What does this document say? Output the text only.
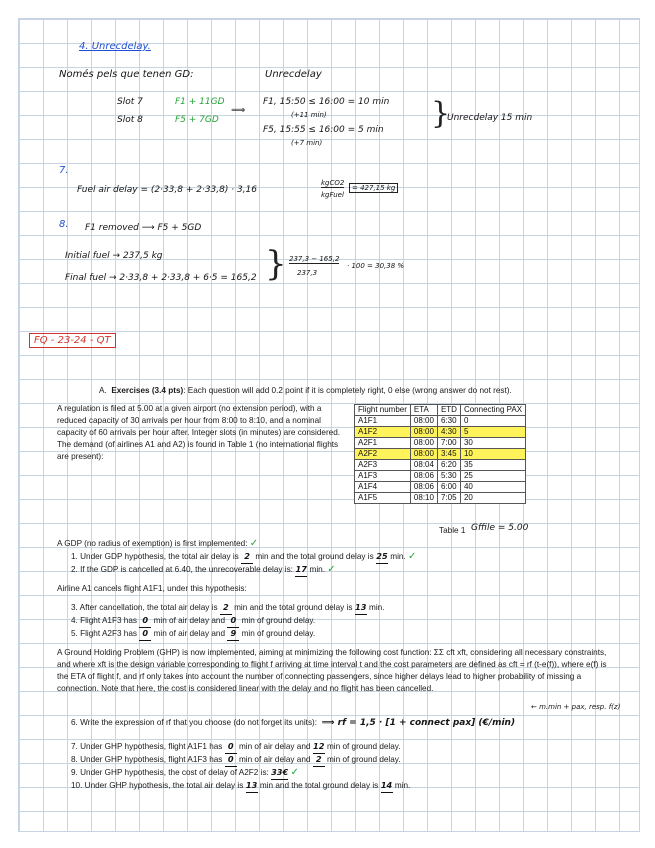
4. Unrecdelay.
Només pels que tenen GD:	Unrecdelay
Slot 7	F1 + 11GD
Slot 8	F5 + 7GD
⟹
F1, 15:50 ≤ 16:00 = 10 min
(+11 min)
F5, 15:55 ≤ 16:00 = 5 min
(+7 min)
}
Unrecdelay 15 min
7.
Fuel air delay = (2·33,8 + 2·33,8) · 3,16
kgCO2
kgFuel
= 427,15 kg
8. F1 removed ⟶ F5 + 5GD
Initial fuel → 237,5 kg
Final fuel → 2·33,8 + 2·33,8 + 6·5 = 165,2 } 237,3 − 165,2
237,3
· 100 = 30,38 %
FQ - 23-24 - QT
A. Exercises (3.4 pts): Each question will add 0.2 point if it is completely right, 0 else (wrong answer do not rest).
A regulation is filed at 5.00 at a given airport (no extension period), with a reduced capacity of 30 arrivals per hour from 8:00 to 8:10, and a nominal capacity of 60 arrivals per hour after. Integer slots (in minutes) are considered. The demand (of airlines A1 and A2) is found in Table 1 (no international flights are present):
Flight number	ETA	ETD	Connecting PAX
A1F1	08:00	6:30	0
A1F2	08:00	4:30	5
A2F1	08:00	7:00	30
A2F2	08:00	3:45	10
A2F3	08:04	6:20	35
A1F3	08:06	5:30	25
A1F4	08:06	6:00	40
A1F5	08:10	7:05	20
Table 1 Gffile = 5.00
A GDP (no radius of exemption) is first implemented: ✓
1. Under GDP hypothesis, the total air delay is 2 min and the total ground delay is 25 min. ✓
2. If the GDP is cancelled at 6.40, the unrecoverable delay is: 17 min. ✓
Airline A1 cancels flight A1F1, under this hypothesis:
3. After cancellation, the total air delay is 2 min and the total ground delay is 13 min.
4. Flight A1F3 has 0 min of air delay and 0 min of ground delay.
5. Flight A2F3 has 0 min of air delay and 9 min of ground delay.
A Ground Holding Problem (GHP) is now implemented, aiming at minimizing the following cost function: ΣΣ cft xft, considering all necessary constraints, and where xft is the design variable corresponding to flight f arriving at time interval t and the cost parameters are defined as cft = rf (t-e(f)), where e(f) is the ETA of flight f, and rf only takes into account the number of connecting passengers, since higher delays lead to higher probability of missing a connection. Note that here, the cost is considered linear with the delay and no flight has been cancelled.
← m.min + pax, resp. f(z)
6. Write the expression of rf that you choose (do not forget its units): ⟹ rf = 1,5 · [1 + connect pax] (€/min)
7. Under GHP hypothesis, flight A1F1 has 0 min of air delay and 12 min of ground delay.
8. Under GHP hypothesis, flight A1F3 has 0 min of air delay and 2 min of ground delay.
9. Under GHP hypothesis, the cost of delay of A2F2 is: 33€ ✓
10. Under GHP hypothesis, the total air delay is 13 min and the total ground delay is 14 min.
